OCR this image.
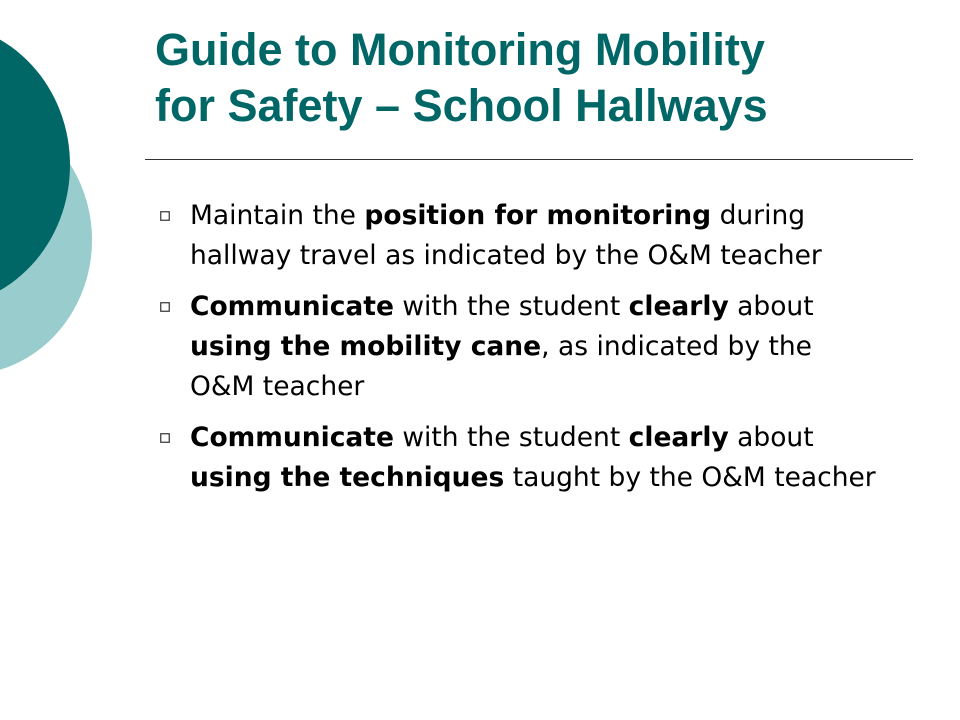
Guide to Monitoring Mobility
for Safety – School Hallways
Maintain the position for monitoring during hallway travel as indicated by the O&M teacher
Communicate with the student clearly about using the mobility cane, as indicated by the O&M teacher
Communicate with the student clearly about using the techniques taught by the O&M teacher
